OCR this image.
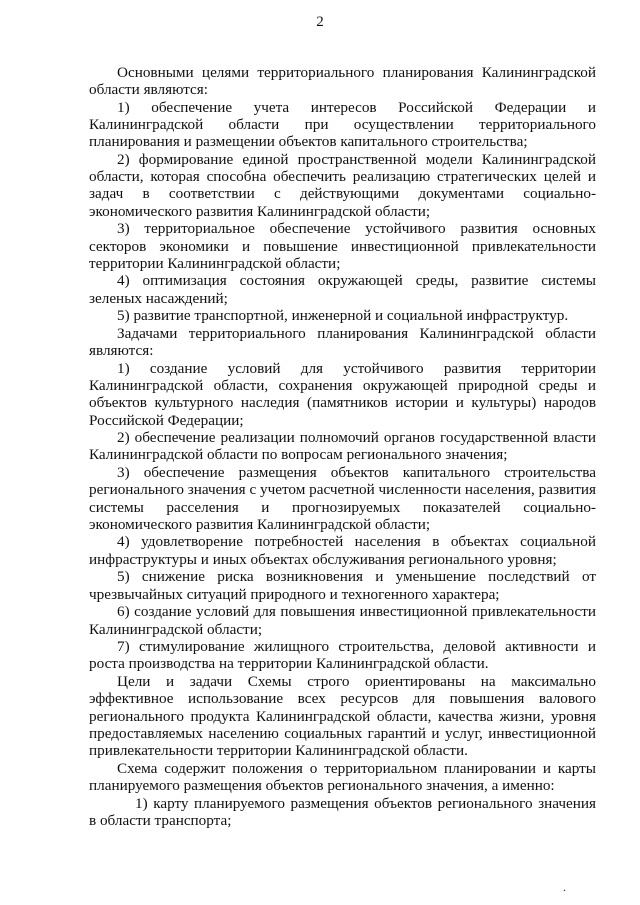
2

Основными целями территориального планирования Калининградской области являются:

1) обеспечение учета интересов Российской Федерации и Калининградской области при осуществлении территориального планирования и размещении объектов капитального строительства;

2) формирование единой пространственной модели Калининградской области, которая способна обеспечить реализацию стратегических целей и задач в соответствии с действующими документами социально-экономического развития Калининградской области;

3) территориальное обеспечение устойчивого развития основных секторов экономики и повышение инвестиционной привлекательности территории Калининградской области;

4) оптимизация состояния окружающей среды, развитие системы зеленых насаждений;

5) развитие транспортной, инженерной и социальной инфраструктур.

Задачами территориального планирования Калининградской области являются:

1) создание условий для устойчивого развития территории Калининградской области, сохранения окружающей природной среды и объектов культурного наследия (памятников истории и культуры) народов Российской Федерации;

2) обеспечение реализации полномочий органов государственной власти Калининградской области по вопросам регионального значения;

3) обеспечение размещения объектов капитального строительства регионального значения с учетом расчетной численности населения, развития системы расселения и прогнозируемых показателей социально-экономического развития Калининградской области;

4) удовлетворение потребностей населения в объектах социальной инфраструктуры и иных объектах обслуживания регионального уровня;

5) снижение риска возникновения и уменьшение последствий от чрезвычайных ситуаций природного и техногенного характера;

6) создание условий для повышения инвестиционной привлекательности Калининградской области;

7) стимулирование жилищного строительства, деловой активности и роста производства на территории Калининградской области.

Цели и задачи Схемы строго ориентированы на максимально эффективное использование всех ресурсов для повышения валового регионального продукта Калининградской области, качества жизни, уровня предоставляемых населению социальных гарантий и услуг, инвестиционной привлекательности территории Калининградской области.

Схема содержит положения о территориальном планировании и карты планируемого размещения объектов регионального значения, а именно:

1) карту планируемого размещения объектов регионального значения в области транспорта;

.
